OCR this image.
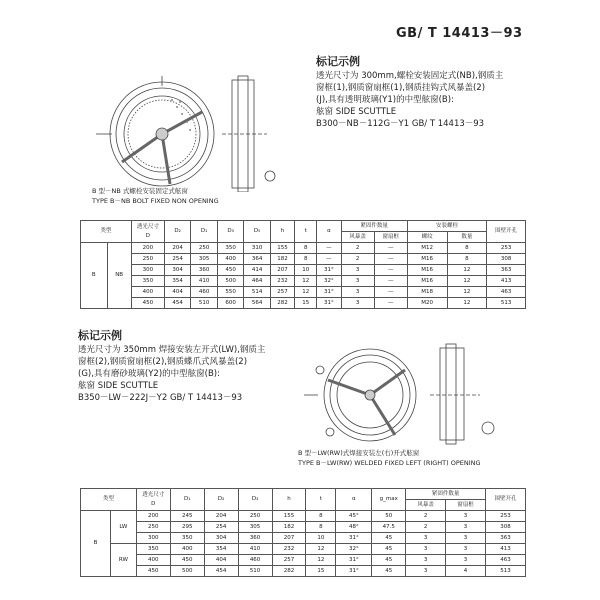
GB/ T 14413－93
B 型－NB 式螺栓安装固定式舷窗
TYPE B－NB BOLT FIXED NON OPENING
标记示例
透光尺寸为 300mm,螺栓安装固定式(NB),钢质主
窗框(1),钢质窗扇框(1),钢质挂钩式风暴盖(2)
(J),具有透明玻璃(Y1)的中型舷窗(B):
舷窗 SIDE SCUTTLE
B300－NB－112G－Y1 GB/ T 14413－93
类型		透光尺寸
D	D₂	D₁	D₃	D₅	h	t	α	紧固件数量		安装螺栓		围壁开孔
										风暴盖	窗扇框	螺纹	数量	
B	NB	200	204	250	350	310	155	8	—	2	—	M12	8	253
		250	254	305	400	364	182	8	—	2	—	M16	8	308
		300	304	360	450	414	207	10	31°	3	—	M16	12	363
		350	354	410	500	464	232	12	32°	3	—	M16	12	413
		400	404	460	550	514	257	12	31°	3	—	M18	12	463
		450	454	510	600	564	282	15	31°	3	—	M20	12	513
标记示例
透光尺寸为 350mm 焊接安装左开式(LW),钢质主
窗框(2),钢质窗扇框(2),钢质蝶爪式风暴盖(2)
(G),具有磨砂玻璃(Y2)的中型舷窗(B):
舷窗 SIDE SCUTTLE
B350－LW－222J－Y2 GB/ T 14413－93
B 型－LW(RW)式焊接安装左(右)开式舷窗
TYPE B－LW(RW) WELDED FIXED LEFT (RIGHT) OPENING
类型		透光尺寸
D	D₁	D₂	D₃	h	t	α	g_max	紧固件数量		围壁开孔
										风暴盖	窗扇框	
B	LW	200	245	204	250	155	8	45°	50	2	3	253
		250	295	254	305	182	8	48°	47.5	2	3	308
		300	350	304	360	207	10	31°	45	3	3	363
	RW	350	400	354	410	232	12	32°	45	3	3	413
		400	450	404	460	257	12	31°	45	3	3	463
		450	500	454	510	282	15	31°	45	3	4	513
